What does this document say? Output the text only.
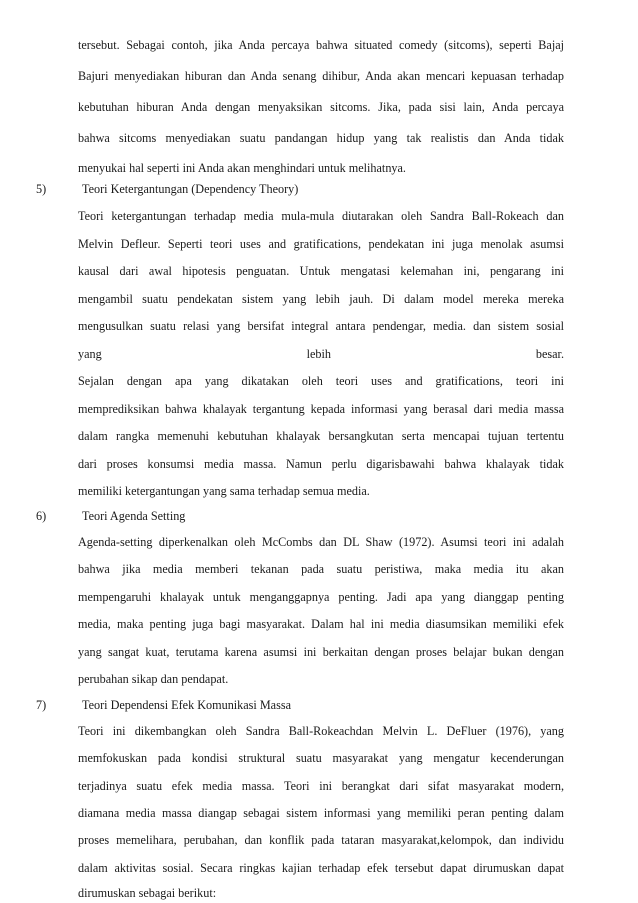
tersebut. Sebagai contoh, jika Anda percaya bahwa situated comedy (sitcoms), seperti Bajaj
Bajuri menyediakan hiburan dan Anda senang dihibur, Anda akan mencari kepuasan terhadap
kebutuhan hiburan Anda dengan menyaksikan sitcoms. Jika, pada sisi lain, Anda percaya
bahwa sitcoms menyediakan suatu pandangan hidup yang tak realistis dan Anda tidak
menyukai hal seperti ini Anda akan menghindari untuk melihatnya.
5)	Teori Ketergantungan (Dependency Theory)
Teori ketergantungan terhadap media mula-mula diutarakan oleh Sandra Ball-Rokeach dan
Melvin Defleur. Seperti teori uses and gratifications, pendekatan ini juga menolak asumsi
kausal dari awal hipotesis penguatan. Untuk mengatasi kelemahan ini, pengarang ini
mengambil suatu pendekatan sistem yang lebih jauh. Di dalam model mereka mereka
mengusulkan suatu relasi yang bersifat integral antara pendengar, media. dan sistem sosial
yang lebih besar.
Sejalan dengan apa yang dikatakan oleh teori uses and gratifications, teori ini
memprediksikan bahwa khalayak tergantung kepada informasi yang berasal dari media massa
dalam rangka memenuhi kebutuhan khalayak bersangkutan serta mencapai tujuan tertentu
dari proses konsumsi media massa. Namun perlu digarisbawahi bahwa khalayak tidak
memiliki ketergantungan yang sama terhadap semua media.
6)	Teori Agenda Setting
Agenda-setting diperkenalkan oleh McCombs dan DL Shaw (1972). Asumsi teori ini adalah
bahwa jika media memberi tekanan pada suatu peristiwa, maka media itu akan
mempengaruhi khalayak untuk menganggapnya penting. Jadi apa yang dianggap penting
media, maka penting juga bagi masyarakat. Dalam hal ini media diasumsikan memiliki efek
yang sangat kuat, terutama karena asumsi ini berkaitan dengan proses belajar bukan dengan
perubahan sikap dan pendapat.
7)	Teori Dependensi Efek Komunikasi Massa
Teori ini dikembangkan oleh Sandra Ball-Rokeachdan Melvin L. DeFluer (1976), yang
memfokuskan pada kondisi struktural suatu masyarakat yang mengatur kecenderungan
terjadinya suatu efek media massa. Teori ini berangkat dari sifat masyarakat modern,
diamana media massa diangap sebagai sistem informasi yang memiliki peran penting dalam
proses memelihara, perubahan, dan konflik pada tataran masyarakat,kelompok, dan individu
dalam aktivitas sosial. Secara ringkas kajian terhadap efek tersebut dapat dirumuskan dapat
dirumuskan sebagai berikut:
